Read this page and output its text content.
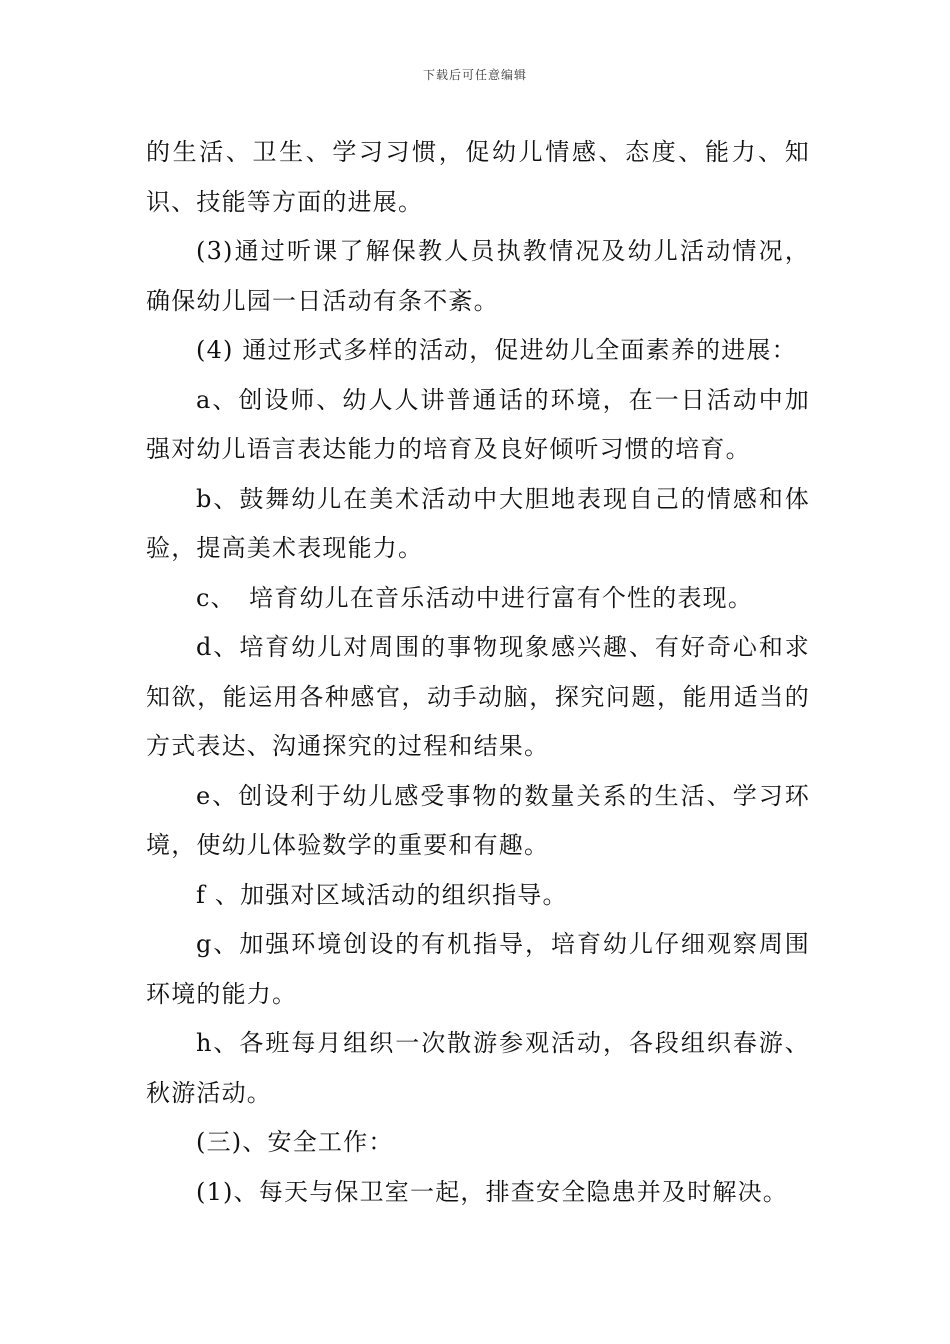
下载后可任意编辑

的生活、卫生、学习习惯，促幼儿情感、态度、能力、知识、技能等方面的进展。

(3)通过听课了解保教人员执教情况及幼儿活动情况，确保幼儿园一日活动有条不紊。

(4) 通过形式多样的活动，促进幼儿全面素养的进展：

a、创设师、幼人人讲普通话的环境，在一日活动中加强对幼儿语言表达能力的培育及良好倾听习惯的培育。

b、鼓舞幼儿在美术活动中大胆地表现自己的情感和体验，提高美术表现能力。

c、　培育幼儿在音乐活动中进行富有个性的表现。

d、培育幼儿对周围的事物现象感兴趣、有好奇心和求知欲，能运用各种感官，动手动脑，探究问题，能用适当的方式表达、沟通探究的过程和结果。

e、创设利于幼儿感受事物的数量关系的生活、学习环境，使幼儿体验数学的重要和有趣。

f 、加强对区域活动的组织指导。

g、加强环境创设的有机指导，培育幼儿仔细观察周围环境的能力。

h、各班每月组织一次散游参观活动，各段组织春游、秋游活动。

(三)、安全工作：

(1)、每天与保卫室一起，排查安全隐患并及时解决。
